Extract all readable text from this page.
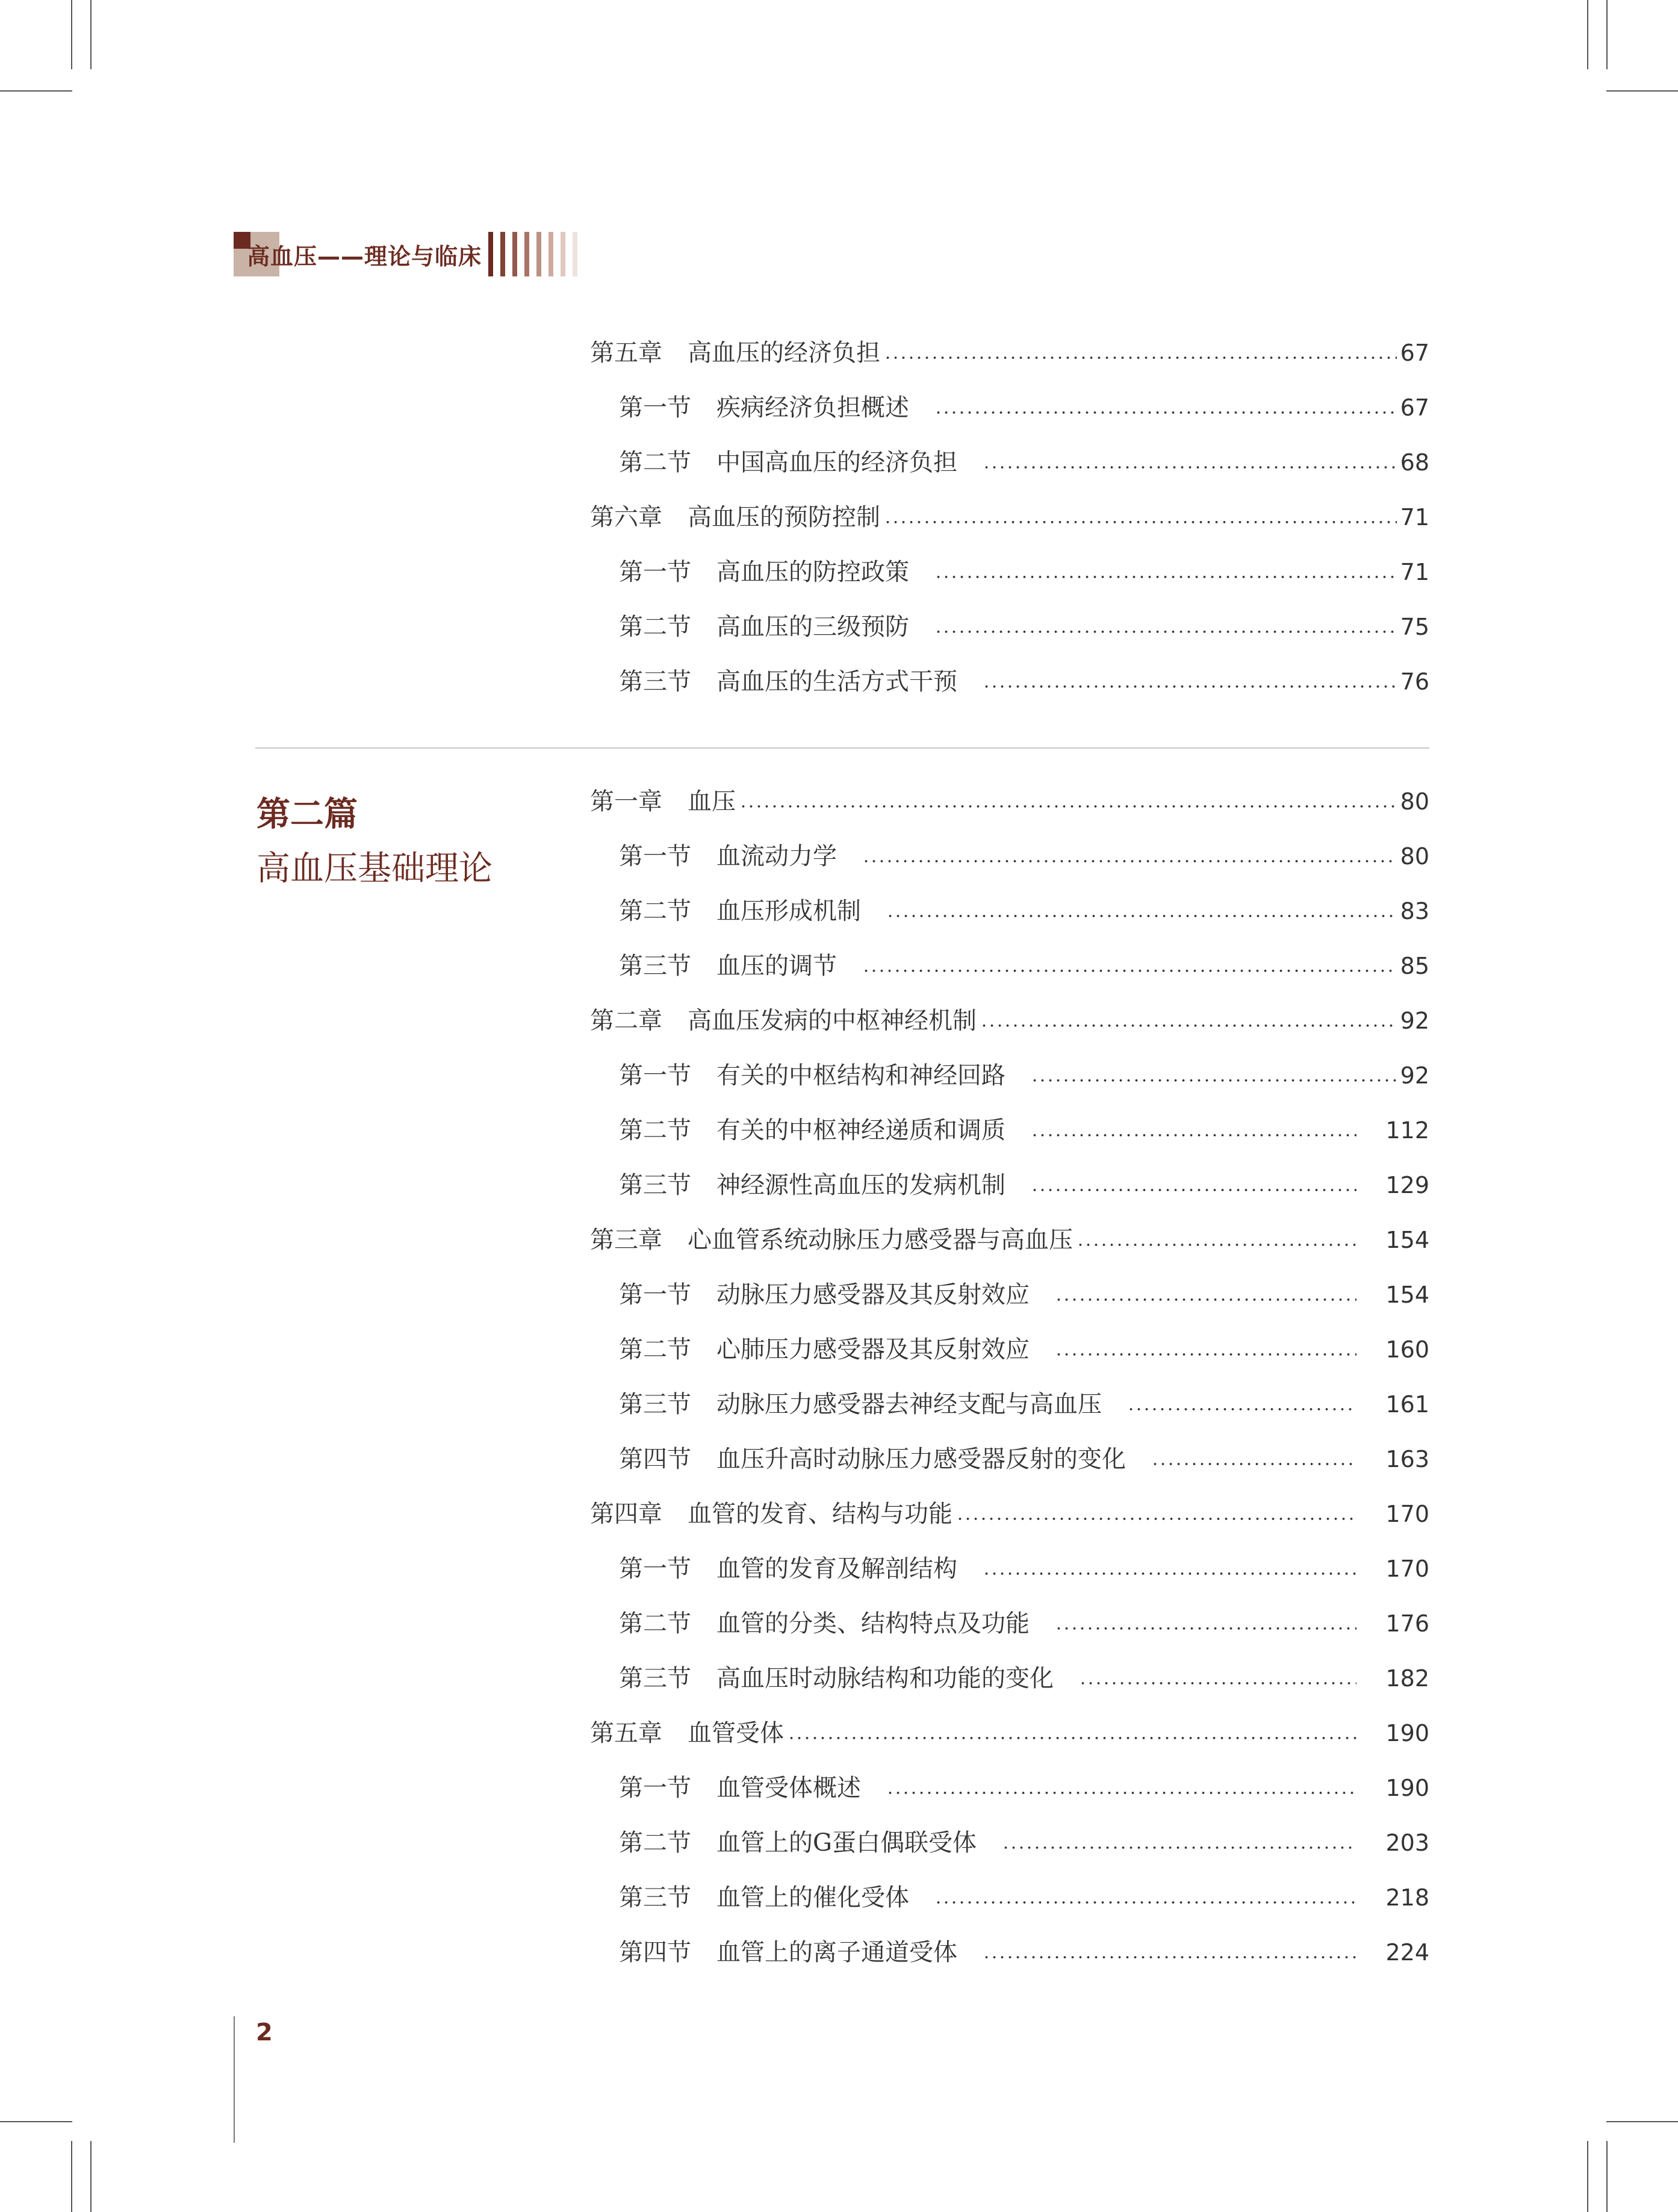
高血压——理论与临床
第五章 高血压的经济负担	67
第一节 疾病经济负担概述	67
第二节 中国高血压的经济负担	68
第六章 高血压的预防控制	71
第一节 高血压的防控政策	71
第二节 高血压的三级预防	75
第三节 高血压的生活方式干预	76
第二篇
高血压基础理论
第一章 血压	80
第一节 血流动力学	80
第二节 血压形成机制	83
第三节 血压的调节	85
第二章 高血压发病的中枢神经机制	92
第一节 有关的中枢结构和神经回路	92
第二节 有关的中枢神经递质和调质	112
第三节 神经源性高血压的发病机制	129
第三章 心血管系统动脉压力感受器与高血压	154
第一节 动脉压力感受器及其反射效应	154
第二节 心肺压力感受器及其反射效应	160
第三节 动脉压力感受器去神经支配与高血压	161
第四节 血压升高时动脉压力感受器反射的变化	163
第四章 血管的发育、结构与功能	170
第一节 血管的发育及解剖结构	170
第二节 血管的分类、结构特点及功能	176
第三节 高血压时动脉结构和功能的变化	182
第五章 血管受体	190
第一节 血管受体概述	190
第二节 血管上的G蛋白偶联受体	203
第三节 血管上的催化受体	218
第四节 血管上的离子通道受体	224
2
